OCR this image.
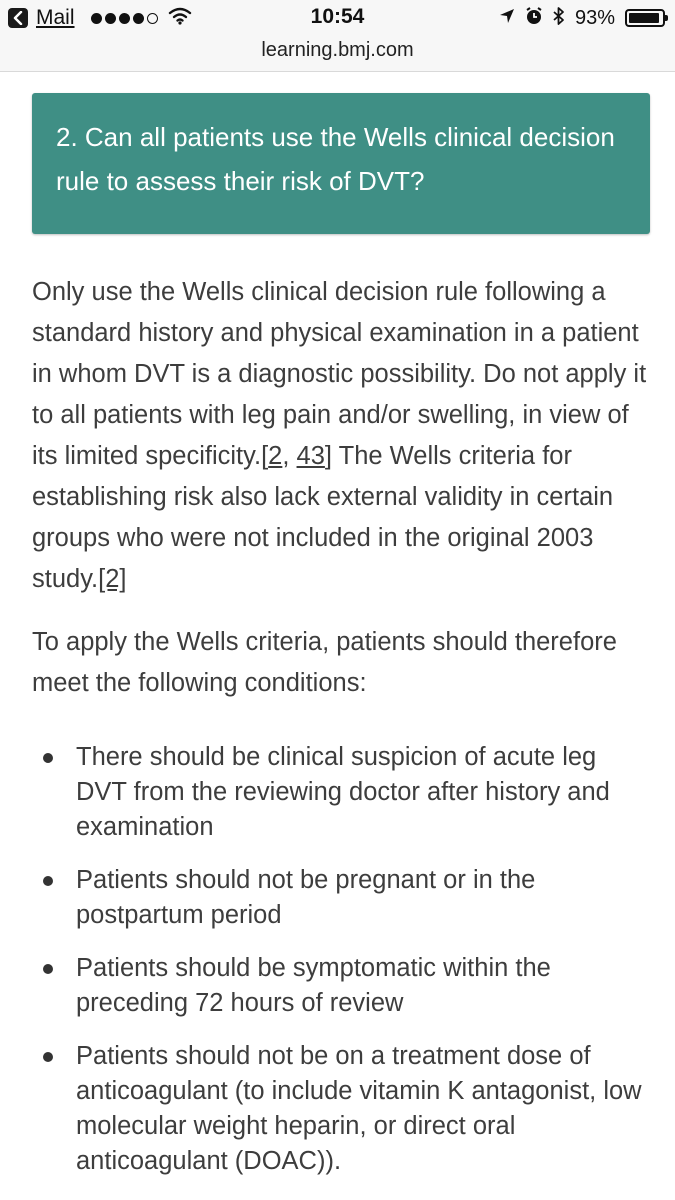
Mail	10:54	93%
learning.bmj.com
2. Can all patients use the Wells clinical decision rule to assess their risk of DVT?

Only use the Wells clinical decision rule following a standard history and physical examination in a patient in whom DVT is a diagnostic possibility. Do not apply it to all patients with leg pain and/or swelling, in view of its limited specificity.[2, 43] The Wells criteria for establishing risk also lack external validity in certain groups who were not included in the original 2003 study.[2]

To apply the Wells criteria, patients should therefore meet the following conditions:

There should be clinical suspicion of acute leg DVT from the reviewing doctor after history and examination
Patients should not be pregnant or in the postpartum period
Patients should be symptomatic within the preceding 72 hours of review
Patients should not be on a treatment dose of anticoagulant (to include vitamin K antagonist, low molecular weight heparin, or direct oral anticoagulant (DOAC)).
